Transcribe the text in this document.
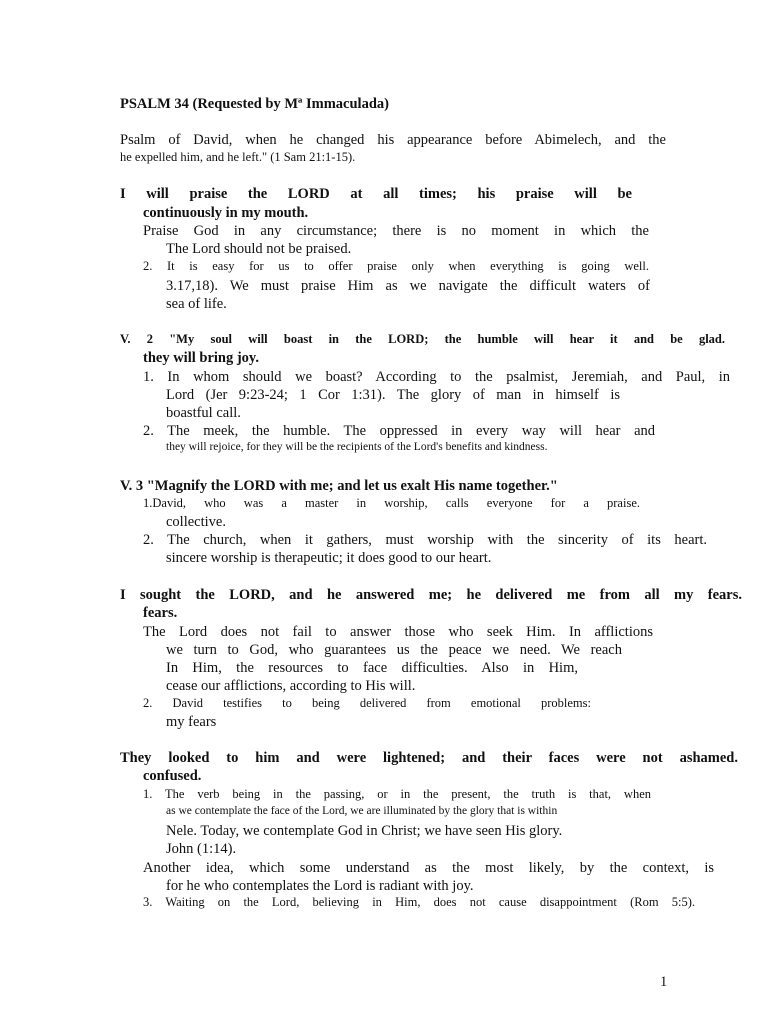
PSALM 34 (Requested by Mª Immaculada)
Psalm of David, when he changed his appearance before Abimelech, and the
he expelled him, and he left." (1 Sam 21:1-15).
I will praise the LORD at all times; his praise will be
continuously in my mouth.
Praise God in any circumstance; there is no moment in which the
The Lord should not be praised.
2. It is easy for us to offer praise only when everything is going well.
3.17,18). We must praise Him as we navigate the difficult waters of
sea of life.
V. 2 "My soul will boast in the LORD; the humble will hear it and be glad.
they will bring joy.
1. In whom should we boast? According to the psalmist, Jeremiah, and Paul, in
Lord (Jer 9:23-24; 1 Cor 1:31). The glory of man in himself is
boastful call.
2. The meek, the humble. The oppressed in every way will hear and
they will rejoice, for they will be the recipients of the Lord's benefits and kindness.
V. 3 "Magnify the LORD with me; and let us exalt His name together."
1.David, who was a master in worship, calls everyone for a praise.
collective.
2. The church, when it gathers, must worship with the sincerity of its heart.
sincere worship is therapeutic; it does good to our heart.
I sought the LORD, and he answered me; he delivered me from all my fears.
fears.
The Lord does not fail to answer those who seek Him. In afflictions
we turn to God, who guarantees us the peace we need. We reach
In Him, the resources to face difficulties. Also in Him,
cease our afflictions, according to His will.
2. David testifies to being delivered from emotional problems:
my fears
They looked to him and were lightened; and their faces were not ashamed.
confused.
1. The verb being in the passing, or in the present, the truth is that, when
as we contemplate the face of the Lord, we are illuminated by the glory that is within
Nele. Today, we contemplate God in Christ; we have seen His glory.
John (1:14).
Another idea, which some understand as the most likely, by the context, is
for he who contemplates the Lord is radiant with joy.
3. Waiting on the Lord, believing in Him, does not cause disappointment (Rom 5:5).
1
